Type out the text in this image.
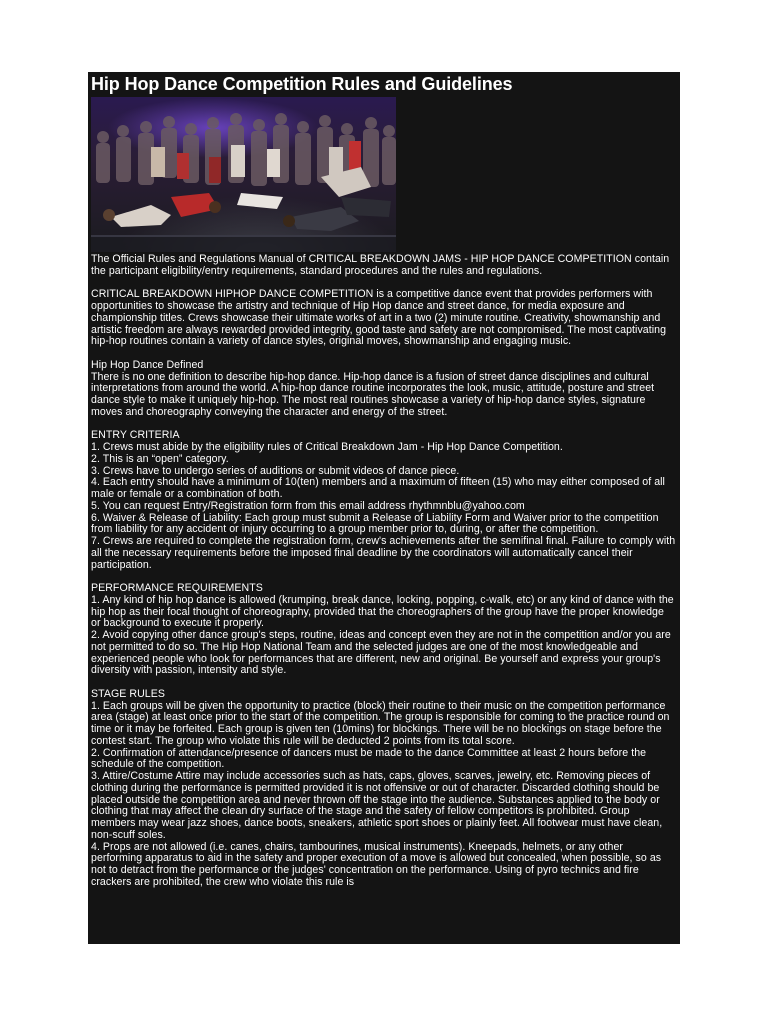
Hip Hop Dance Competition Rules and Guidelines

The Official Rules and Regulations Manual of CRITICAL BREAKDOWN JAMS - HIP HOP DANCE COMPETITION contain the participant eligibility/entry requirements, standard procedures and the rules and regulations.

CRITICAL BREAKDOWN HIPHOP DANCE COMPETITION is a competitive dance event that provides performers with opportunities to showcase the artistry and technique of Hip Hop dance and street dance, for media exposure and championship titles. Crews showcase their ultimate works of art in a two (2) minute routine. Creativity, showmanship and artistic freedom are always rewarded provided integrity, good taste and safety are not compromised. The most captivating hip-hop routines contain a variety of dance styles, original moves, showmanship and engaging music.

Hip Hop Dance Defined
There is no one definition to describe hip-hop dance. Hip-hop dance is a fusion of street dance disciplines and cultural interpretations from around the world. A hip-hop dance routine incorporates the look, music, attitude, posture and street dance style to make it uniquely hip-hop. The most real routines showcase a variety of hip-hop dance styles, signature moves and choreography conveying the character and energy of the street.

ENTRY CRITERIA
1. Crews must abide by the eligibility rules of Critical Breakdown Jam - Hip Hop Dance Competition.
2. This is an “open” category.
3. Crews have to undergo series of auditions or submit videos of dance piece.
4. Each entry should have a minimum of 10(ten) members and a maximum of fifteen (15) who may either composed of all male or female or a combination of both.
5. You can request Entry/Registration form from this email address rhythmnblu@yahoo.com
6. Waiver & Release of Liability: Each group must submit a Release of Liability Form and Waiver prior to the competition from liability for any accident or injury occurring to a group member prior to, during, or after the competition.
7. Crews are required to complete the registration form, crew's achievements after the semifinal final. Failure to comply with all the necessary requirements before the imposed final deadline by the coordinators will automatically cancel their participation.

PERFORMANCE REQUIREMENTS
1. Any kind of hip hop dance is allowed (krumping, break dance, locking, popping, c-walk, etc) or any kind of dance with the hip hop as their focal thought of choreography, provided that the choreographers of the group have the proper knowledge or background to execute it properly.
2. Avoid copying other dance group's steps, routine, ideas and concept even they are not in the competition and/or you are not permitted to do so. The Hip Hop National Team and the selected judges are one of the most knowledgeable and experienced people who look for performances that are different, new and original. Be yourself and express your group's diversity with passion, intensity and style.

STAGE RULES
1. Each groups will be given the opportunity to practice (block) their routine to their music on the competition performance area (stage) at least once prior to the start of the competition. The group is responsible for coming to the practice round on time or it may be forfeited. Each group is given ten (10mins) for blockings. There will be no blockings on stage before the contest start. The group who violate this rule will be deducted 2 points from its total score.
2. Confirmation of attendance/presence of dancers must be made to the dance Committee at least 2 hours before the schedule of the competition.
3. Attire/Costume Attire may include accessories such as hats, caps, gloves, scarves, jewelry, etc. Removing pieces of clothing during the performance is permitted provided it is not offensive or out of character. Discarded clothing should be placed outside the competition area and never thrown off the stage into the audience. Substances applied to the body or clothing that may affect the clean dry surface of the stage and the safety of fellow competitors is prohibited. Group members may wear jazz shoes, dance boots, sneakers, athletic sport shoes or plainly feet. All footwear must have clean, non-scuff soles.
4. Props are not allowed (i.e. canes, chairs, tambourines, musical instruments). Kneepads, helmets, or any other performing apparatus to aid in the safety and proper execution of a move is allowed but concealed, when possible, so as not to detract from the performance or the judges' concentration on the performance. Using of pyro technics and fire crackers are prohibited, the crew who violate this rule is
